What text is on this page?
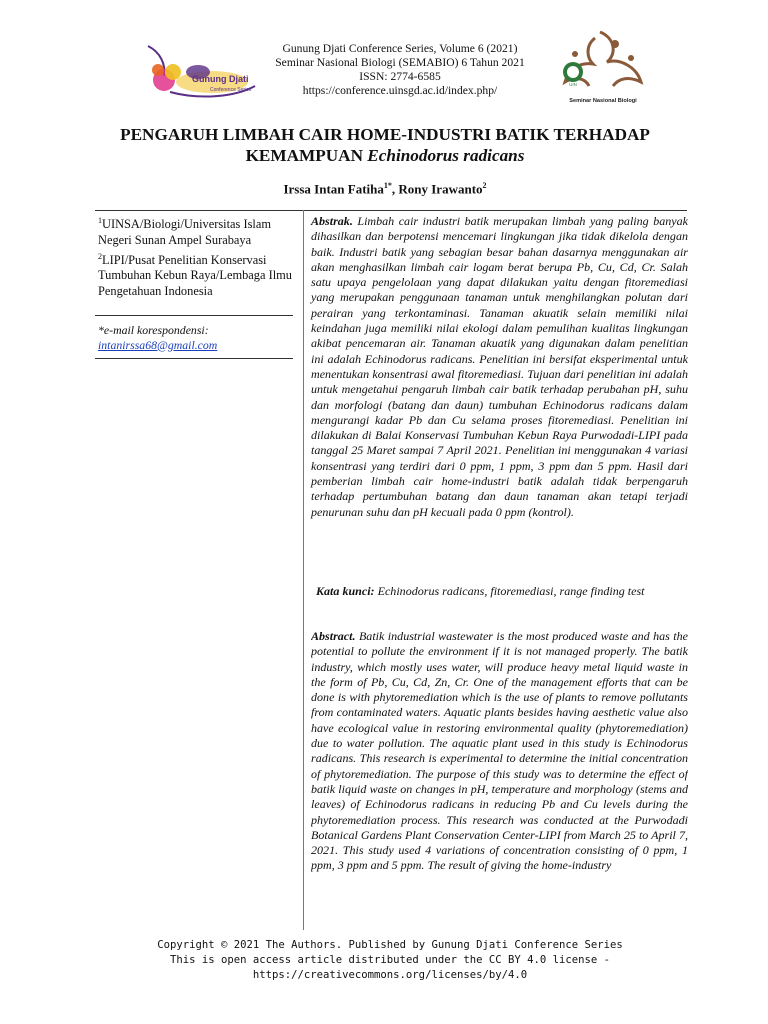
Gunung Djati
Conference Series
Gunung Djati Conference Series, Volume 6 (2021)
Seminar Nasional Biologi (SEMABIO) 6 Tahun 2021
ISSN: 2774-6585
https://conference.uinsgd.ac.id/index.php/	UIN
Seminar Nasional Biologi
PENGARUH LIMBAH CAIR HOME-INDUSTRI BATIK TERHADAP
KEMAMPUAN Echinodorus radicans
Irssa Intan Fatiha$^{1*}$, Rony Irawanto$^2$

$^1$UINSA/Biologi/Universitas Islam Negeri Sunan Ampel Surabaya

$^2$LIPI/Pusat Penelitian Konservasi Tumbuhan Kebun Raya/Lembaga Ilmu Pengetahuan Indonesia

*e-mail korespondensi:
intanirssa68@gmail.com

Abstrak. Limbah cair industri batik merupakan limbah yang paling banyak dihasilkan dan berpotensi mencemari lingkungan jika tidak dikelola dengan baik. Industri batik yang sebagian besar bahan dasarnya menggunakan air akan menghasilkan limbah cair logam berat berupa Pb, Cu, Cd, Cr. Salah satu upaya pengelolaan yang dapat dilakukan yaitu dengan fitoremediasi yang merupakan penggunaan tanaman untuk menghilangkan polutan dari perairan yang terkontaminasi. Tanaman akuatik selain memiliki nilai keindahan juga memiliki nilai ekologi dalam pemulihan kualitas lingkungan akibat pencemaran air. Tanaman akuatik yang digunakan dalam penelitian ini adalah Echinodorus radicans. Penelitian ini bersifat eksperimental untuk menentukan konsentrasi awal fitoremediasi. Tujuan dari penelitian ini adalah untuk mengetahui pengaruh limbah cair batik terhadap perubahan pH, suhu dan morfologi (batang dan daun) tumbuhan Echinodorus radicans dalam mengurangi kadar Pb dan Cu selama proses fitoremediasi. Penelitian ini dilakukan di Balai Konservasi Tumbuhan Kebun Raya Purwodadi-LIPI pada tanggal 25 Maret sampai 7 April 2021. Penelitian ini menggunakan 4 variasi konsentrasi yang terdiri dari 0 ppm, 1 ppm, 3 ppm dan 5 ppm. Hasil dari pemberian limbah cair home-industri batik adalah tidak berpengaruh terhadap pertumbuhan batang dan daun tanaman akan tetapi terjadi penurunan suhu dan pH kecuali pada 0 ppm (kontrol).

Kata kunci: Echinodorus radicans, fitoremediasi, range finding test

Abstract. Batik industrial wastewater is the most produced waste and has the potential to pollute the environment if it is not managed properly. The batik industry, which mostly uses water, will produce heavy metal liquid waste in the form of Pb, Cu, Cd, Zn, Cr. One of the management efforts that can be done is with phytoremediation which is the use of plants to remove pollutants from contaminated waters. Aquatic plants besides having aesthetic value also have ecological value in restoring environmental quality (phytoremediation) due to water pollution. The aquatic plant used in this study is Echinodorus radicans. This research is experimental to determine the initial concentration of phytoremediation. The purpose of this study was to determine the effect of batik liquid waste on changes in pH, temperature and morphology (stems and leaves) of Echinodorus radicans in reducing Pb and Cu levels during the phytoremediation process. This research was conducted at the Purwodadi Botanical Gardens Plant Conservation Center-LIPI from March 25 to April 7, 2021. This study used 4 variations of concentration consisting of 0 ppm, 1 ppm, 3 ppm and 5 ppm. The result of giving the home-industry

Copyright © 2021 The Authors. Published by Gunung Djati Conference Series

This is open access article distributed under the CC BY 4.0 license -

https://creativecommons.org/licenses/by/4.0
